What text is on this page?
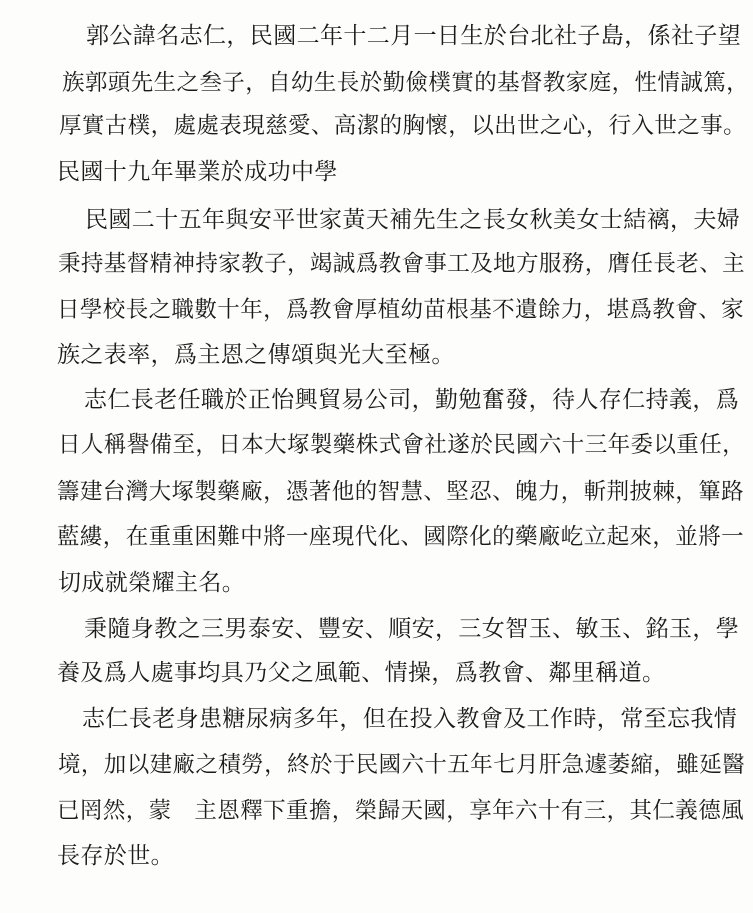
郭公諱名志仁，民國二年十二月一日生於台北社子島，係社子望
族郭頭先生之叁子，自幼生長於勤儉樸實的基督教家庭，性情誠篤，
厚實古樸，處處表現慈愛、高潔的胸懷，以出世之心，行入世之事。
民國十九年畢業於成功中學
民國二十五年與安平世家黃天補先生之長女秋美女士結褵，夫婦
秉持基督精神持家教子，竭誠爲教會事工及地方服務，膺任長老、主
日學校長之職數十年，爲教會厚植幼苗根基不遺餘力，堪爲教會、家
族之表率，爲主恩之傳頌與光大至極。
志仁長老任職於正怡興貿易公司，勤勉奮發，待人存仁持義，爲
日人稱譽備至，日本大塚製藥株式會社遂於民國六十三年委以重任，
籌建台灣大塚製藥廠，憑著他的智慧、堅忍、魄力，斬荆披棘，篳路
藍縷，在重重困難中將一座現代化、國際化的藥廠屹立起來，並將一
切成就榮耀主名。
秉隨身教之三男泰安、豐安、順安，三女智玉、敏玉、銘玉，學
養及爲人處事均具乃父之風範、情操，爲教會、鄰里稱道。
志仁長老身患糖尿病多年，但在投入教會及工作時，常至忘我情
境，加以建廠之積勞，終於于民國六十五年七月肝急遽萎縮，雖延醫
已罔然，蒙　主恩釋下重擔，榮歸天國，享年六十有三，其仁義德風
長存於世。
